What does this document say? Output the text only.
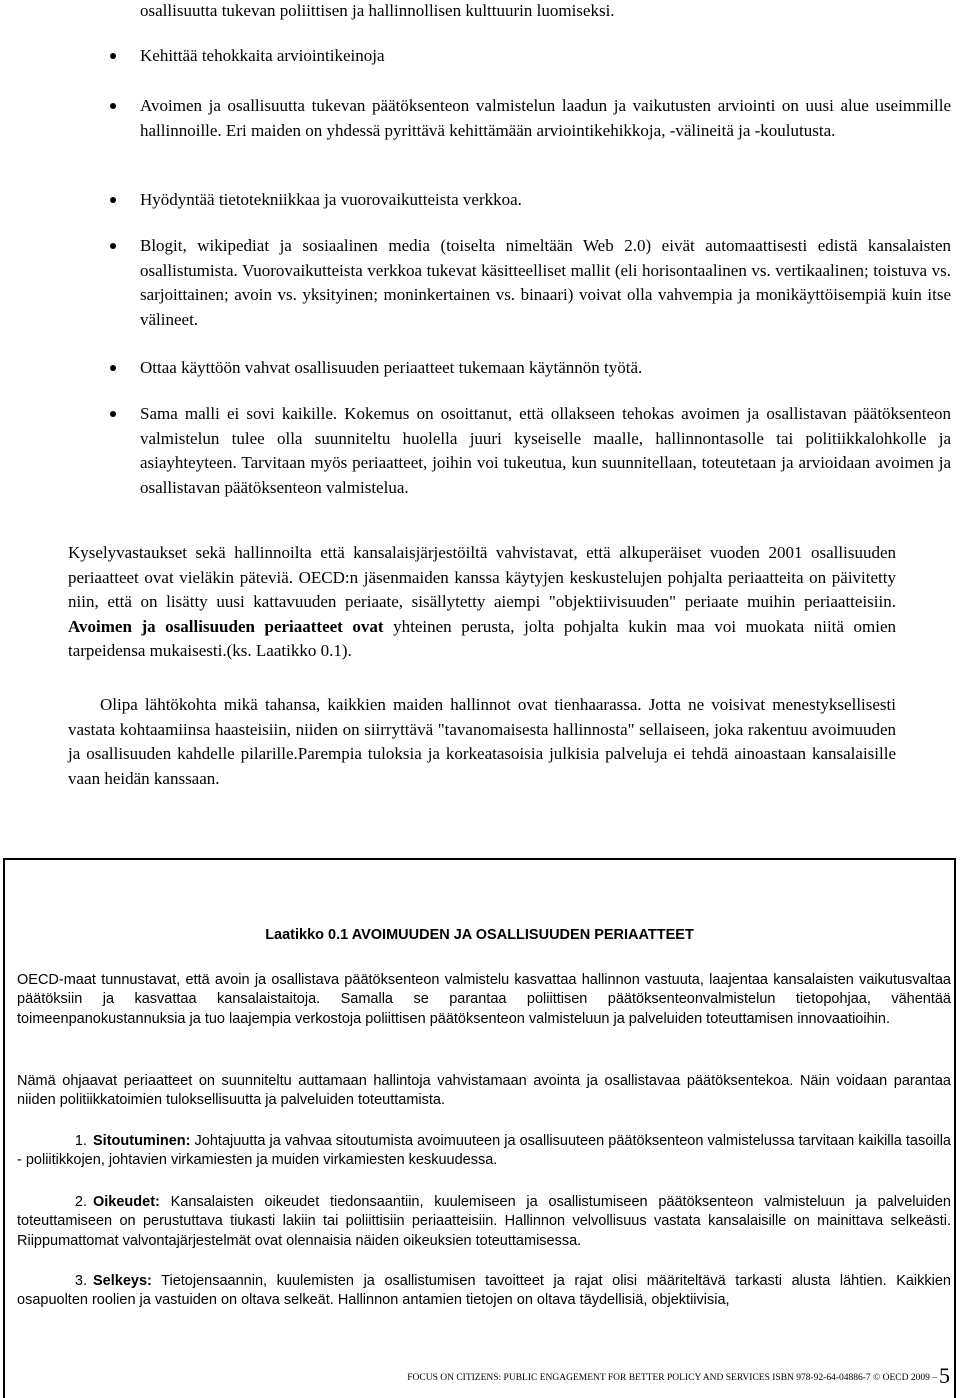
osallisuutta tukevan poliittisen ja hallinnollisen kulttuurin luomiseksi.
Kehittää tehokkaita arviointikeinoja
Avoimen ja osallisuutta tukevan päätöksenteon valmistelun laadun ja vaikutusten arviointi on uusi alue useimmille hallinnoille. Eri maiden on yhdessä pyrittävä kehittämään arviointikehikkoja, -välineitä ja -koulutusta.
Hyödyntää tietotekniikkaa ja vuorovaikutteista verkkoa.
Blogit, wikipediat ja sosiaalinen media (toiselta nimeltään Web 2.0) eivät automaattisesti edistä kansalaisten osallistumista. Vuorovaikutteista verkkoa tukevat käsitteelliset mallit (eli horisontaalinen vs. vertikaalinen; toistuva vs. sarjoittainen; avoin vs. yksityinen; moninkertainen vs. binaari) voivat olla vahvempia ja monikäyttöisempiä kuin itse välineet.
Ottaa käyttöön vahvat osallisuuden periaatteet tukemaan käytännön työtä.
Sama malli ei sovi kaikille. Kokemus on osoittanut, että ollakseen tehokas avoimen ja osallistavan päätöksenteon valmistelun tulee olla suunniteltu huolella juuri kyseiselle maalle, hallinnontasolle tai politiikkalohkolle ja asiayhteyteen. Tarvitaan myös periaatteet, joihin voi tukeutua, kun suunnitellaan, toteutetaan ja arvioidaan avoimen ja osallistavan päätöksenteon valmistelua.

Kyselyvastaukset sekä hallinnoilta että kansalaisjärjestöiltä vahvistavat, että alkuperäiset vuoden 2001 osallisuuden periaatteet ovat vieläkin päteviä. OECD:n jäsenmaiden kanssa käytyjen keskustelujen pohjalta periaatteita on päivitetty niin, että on lisätty uusi kattavuuden periaate, sisällytetty aiempi "objektiivisuuden" periaate muihin periaatteisiin. Avoimen ja osallisuuden periaatteet ovat yhteinen perusta, jolta pohjalta kukin maa voi muokata niitä omien tarpeidensa mukaisesti.(ks. Laatikko 0.1).

Olipa lähtökohta mikä tahansa, kaikkien maiden hallinnot ovat tienhaarassa. Jotta ne voisivat menestyksellisesti vastata kohtaamiinsa haasteisiin, niiden on siirryttävä "tavanomaisesta hallinnosta" sellaiseen, joka rakentuu avoimuuden ja osallisuuden kahdelle pilarille.Parempia tuloksia ja korkeatasoisia julkisia palveluja ei tehdä ainoastaan kansalaisille vaan heidän kanssaan.

Laatikko 0.1 AVOIMUUDEN JA OSALLISUUDEN PERIAATTEET

OECD-maat tunnustavat, että avoin ja osallistava päätöksenteon valmistelu kasvattaa hallinnon vastuuta, laajentaa kansalaisten vaikutusvaltaa päätöksiin ja kasvattaa kansalaistaitoja. Samalla se parantaa poliittisen päätöksenteonvalmistelun tietopohjaa, vähentää toimeenpanokustannuksia ja tuo laajempia verkostoja poliittisen päätöksenteon valmisteluun ja palveluiden toteuttamisen innovaatioihin.

Nämä ohjaavat periaatteet on suunniteltu auttamaan hallintoja vahvistamaan avointa ja osallistavaa päätöksentekoa. Näin voidaan parantaa niiden politiikkatoimien tuloksellisuutta ja palveluiden toteuttamista.

1. Sitoutuminen: Johtajuutta ja vahvaa sitoutumista avoimuuteen ja osallisuuteen päätöksenteon valmistelussa tarvitaan kaikilla tasoilla - poliitikkojen, johtavien virkamiesten ja muiden virkamiesten keskuudessa.

2. Oikeudet: Kansalaisten oikeudet tiedonsaantiin, kuulemiseen ja osallistumiseen päätöksenteon valmisteluun ja palveluiden toteuttamiseen on perustuttava tiukasti lakiin tai poliittisiin periaatteisiin. Hallinnon velvollisuus vastata kansalaisille on mainittava selkeästi. Riippumattomat valvontajärjestelmät ovat olennaisia näiden oikeuksien toteuttamisessa.

3. Selkeys: Tietojensaannin, kuulemisten ja osallistumisen tavoitteet ja rajat olisi määriteltävä tarkasti alusta lähtien. Kaikkien osapuolten roolien ja vastuiden on oltava selkeät. Hallinnon antamien tietojen on oltava täydellisiä, objektiivisia,

FOCUS ON CITIZENS: PUBLIC ENGAGEMENT FOR BETTER POLICY AND SERVICES ISBN 978-92-64-04886-7 © OECD 2009 –5
